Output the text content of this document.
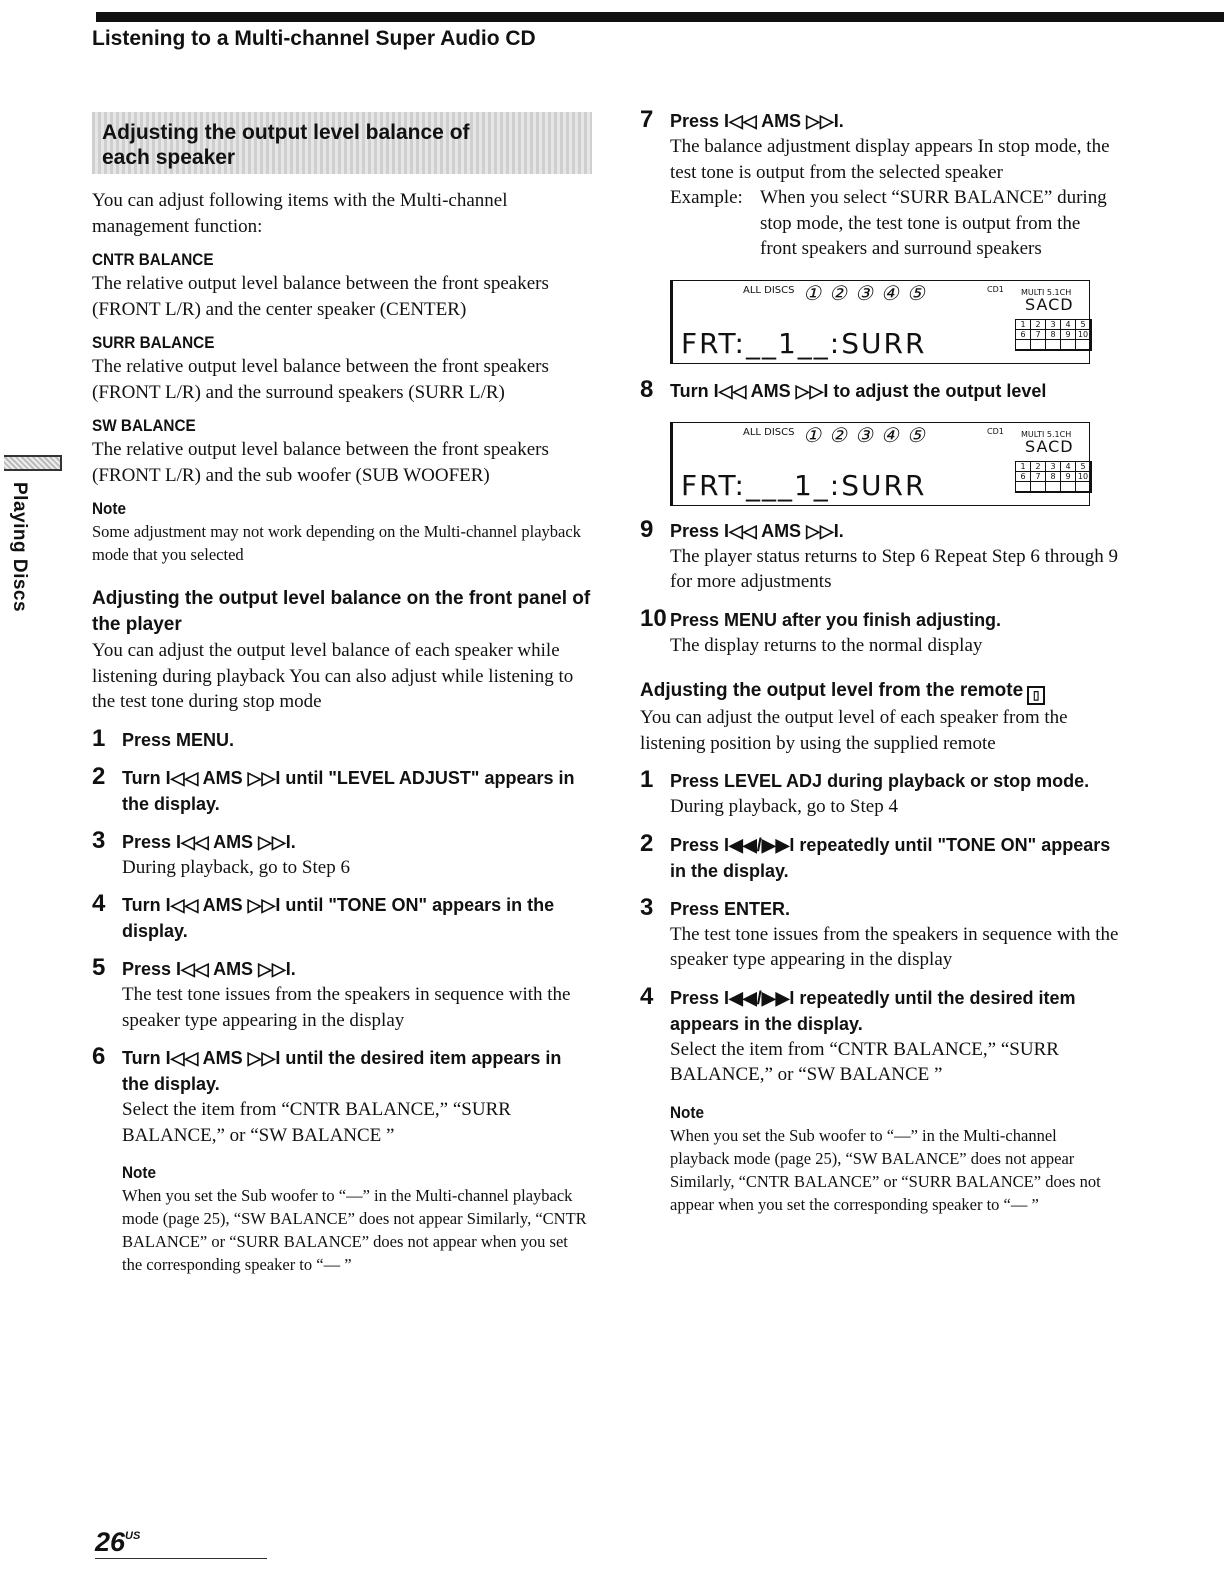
Listening to a Multi-channel Super Audio CD
Playing Discs
Adjusting the output level balance of each speaker

You can adjust following items with the Multi-channel management function:

CNTR BALANCE

The relative output level balance between the front speakers (FRONT L/R) and the center speaker (CENTER)

SURR BALANCE

The relative output level balance between the front speakers (FRONT L/R) and the surround speakers (SURR L/R)

SW BALANCE

The relative output level balance between the front speakers (FRONT L/R) and the sub woofer (SUB WOOFER)

Note

Some adjustment may not work depending on the Multi-channel playback mode that you selected

Adjusting the output level balance on the front panel of the player

You can adjust the output level balance of each speaker while listening during playback You can also adjust while listening to the test tone during stop mode

1 Press MENU.
2 Turn I◁◁ AMS ▷▷I until "LEVEL ADJUST" appears in the display.
3 Press I◁◁ AMS ▷▷I.
During playback, go to Step 6
4 Turn I◁◁ AMS ▷▷I until "TONE ON" appears in the display.
5 Press I◁◁ AMS ▷▷I.
The test tone issues from the speakers in sequence with the speaker type appearing in the display
6 Turn I◁◁ AMS ▷▷I until the desired item appears in the display.
Select the item from “CNTR BALANCE,” “SURR BALANCE,” or “SW BALANCE ”
Note

When you set the Sub woofer to “—” in the Multi-channel playback mode (page 25), “SW BALANCE” does not appear Similarly, “CNTR BALANCE” or “SURR BALANCE” does not appear when you set the corresponding speaker to “— ”

7 Press I◁◁ AMS ▷▷I.
The balance adjustment display appears In stop mode, the test tone is output from the selected speaker
Example: When you select “SURR BALANCE” during stop mode, the test tone is output from the front speakers and surround speakers
ALL DISCS ①②③④⑤	CD1 MULTI 5.1CH
SACD
FRT:__1__:SURR
1	2	3	4	5
6	7	8	9 10
8 Turn I◁◁ AMS ▷▷I to adjust the output level
ALL DISCS ①②③④⑤	CD1 MULTI 5.1CH
SACD
FRT:___1_:SURR
1	2	3	4	5
6	7	8	9 10
9 Press I◁◁ AMS ▷▷I.
The player status returns to Step 6 Repeat Step 6 through 9 for more adjustments
10 Press MENU after you finish adjusting.
The display returns to the normal display
Adjusting the output level from the remote ▯

You can adjust the output level of each speaker from the listening position by using the supplied remote

1 Press LEVEL ADJ during playback or stop mode.
During playback, go to Step 4
2 Press I◀◀/▶▶I repeatedly until "TONE ON" appears in the display.
3 Press ENTER.
The test tone issues from the speakers in sequence with the speaker type appearing in the display
4 Press I◀◀/▶▶I repeatedly until the desired item appears in the display.
Select the item from “CNTR BALANCE,” “SURR BALANCE,” or “SW BALANCE ”
Note

When you set the Sub woofer to “—” in the Multi-channel playback mode (page 25), “SW BALANCE” does not appear Similarly, “CNTR BALANCE” or “SURR BALANCE” does not appear when you set the corresponding speaker to “— ”

$26^{US}$
